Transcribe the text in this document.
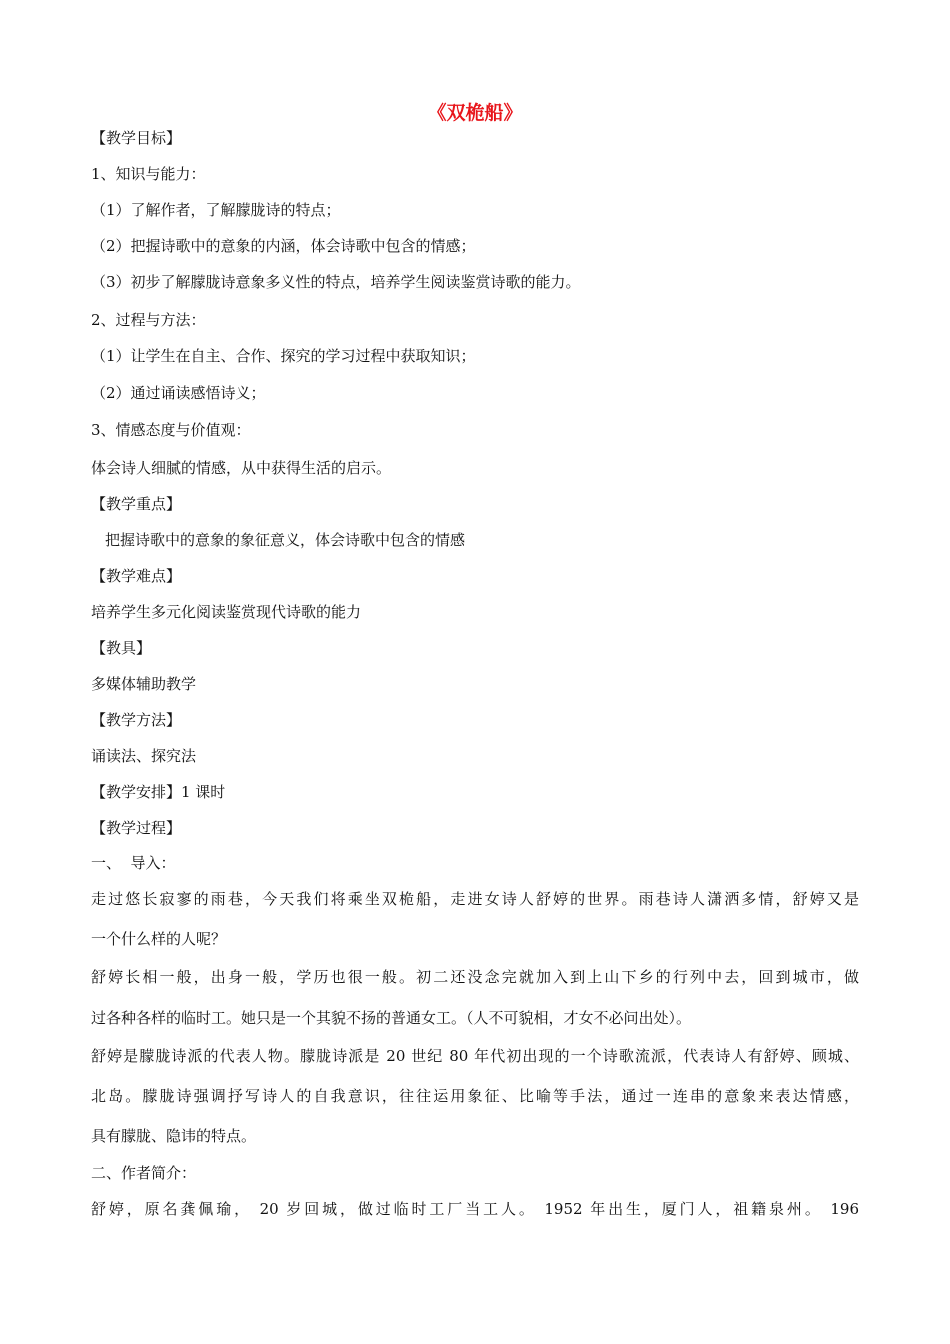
《双桅船》

【教学目标】

1、知识与能力：

（1）了解作者，了解朦胧诗的特点；

（2）把握诗歌中的意象的内涵，体会诗歌中包含的情感；

（3）初步了解朦胧诗意象多义性的特点，培养学生阅读鉴赏诗歌的能力。

2、过程与方法：

（1）让学生在自主、合作、探究的学习过程中获取知识；

（2）通过诵读感悟诗义；

3、情感态度与价值观：

体会诗人细腻的情感，从中获得生活的启示。

【教学重点】

把握诗歌中的意象的象征意义，体会诗歌中包含的情感

【教学难点】

培养学生多元化阅读鉴赏现代诗歌的能力

【教具】

多媒体辅助教学

【教学方法】

诵读法、探究法

【教学安排】1 课时

【教学过程】

一、  导入：

走过悠长寂寥的雨巷，今天我们将乘坐双桅船，走进女诗人舒婷的世界。雨巷诗人潇洒多情，舒婷又是

一个什么样的人呢？

舒婷长相一般，出身一般，学历也很一般。初二还没念完就加入到上山下乡的行列中去，回到城市，做

过各种各样的临时工。她只是一个其貌不扬的普通女工。（人不可貌相，才女不必问出处）。

舒婷是朦胧诗派的代表人物。朦胧诗派是 20 世纪 80 年代初出现的一个诗歌流派，代表诗人有舒婷、顾城、

北岛。朦胧诗强调抒写诗人的自我意识，往往运用象征、比喻等手法，通过一连串的意象来表达情感，

具有朦胧、隐讳的特点。

二、作者简介：

舒婷，原名龚佩瑜， 20 岁回城，做过临时工厂当工人。 1952 年出生，厦门人，祖籍泉州。 196
